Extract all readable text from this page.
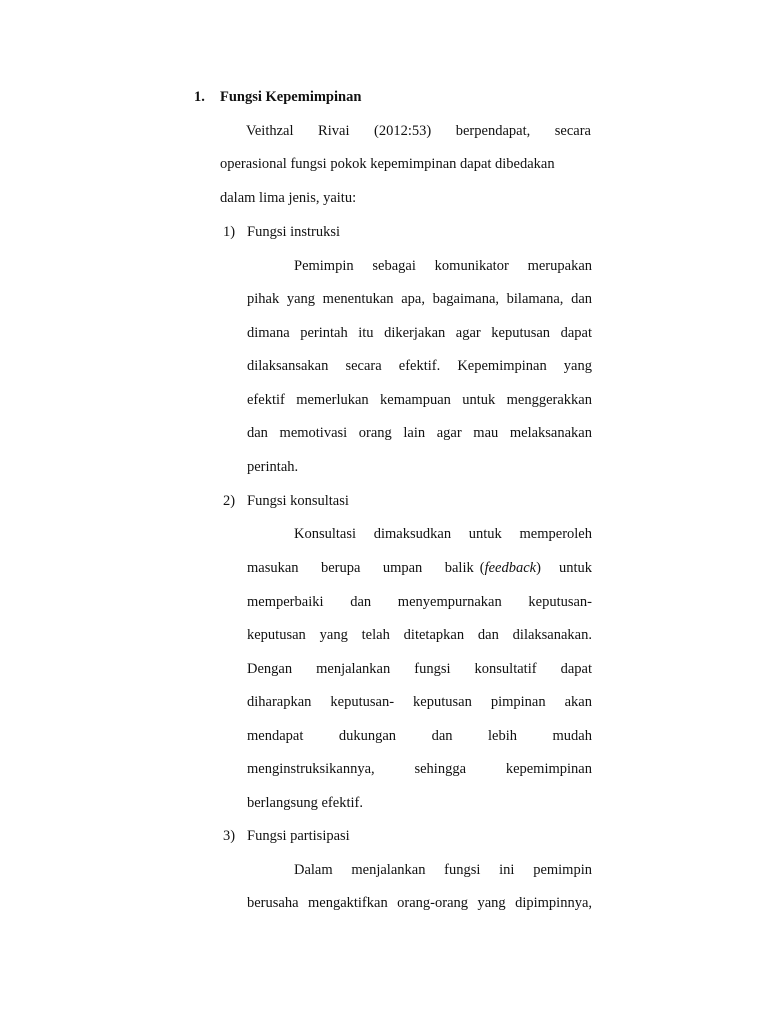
1. Fungsi Kepemimpinan
Veithzal Rivai (2012:53) berpendapat, secara
operasional fungsi pokok kepemimpinan dapat dibedakan
dalam lima jenis, yaitu:
1) Fungsi instruksi
Pemimpin sebagai komunikator merupakan
pihak yang menentukan apa, bagaimana, bilamana, dan
dimana perintah itu dikerjakan agar keputusan dapat
dilaksansakan secara efektif. Kepemimpinan yang
efektif memerlukan kemampuan untuk menggerakkan
dan memotivasi orang lain agar mau melaksanakan
perintah.
2) Fungsi konsultasi
Konsultasi dimaksudkan untuk memperoleh
masukan berupa umpan balik (feedback) untuk
memperbaiki dan menyempurnakan keputusan-
keputusan yang telah ditetapkan dan dilaksanakan.
Dengan menjalankan fungsi konsultatif dapat
diharapkan keputusan- keputusan pimpinan akan
mendapat dukungan dan lebih mudah
menginstruksikannya, sehingga kepemimpinan
berlangsung efektif.
3) Fungsi partisipasi
Dalam menjalankan fungsi ini pemimpin
berusaha mengaktifkan orang-orang yang dipimpinnya,
